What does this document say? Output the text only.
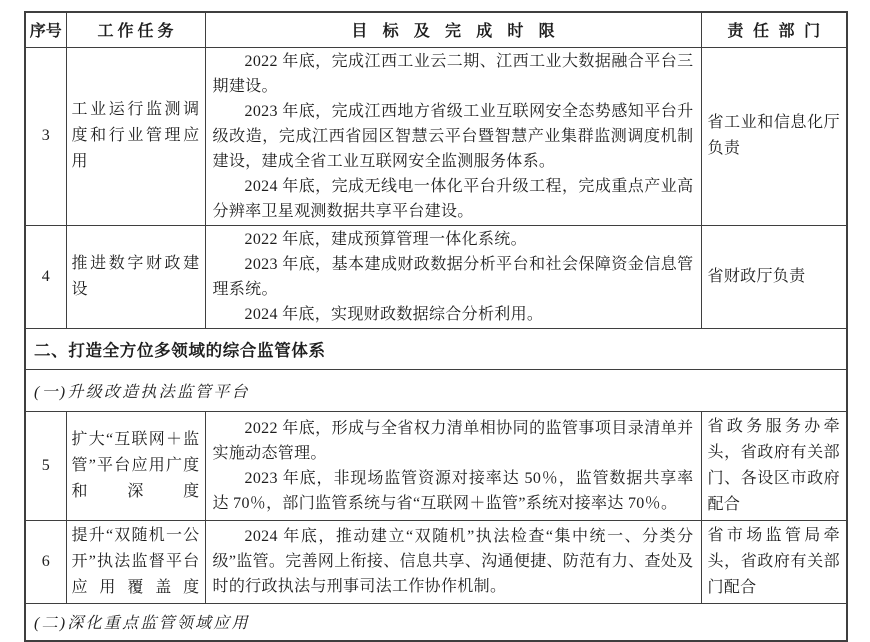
序号	工作任务	目标及完成时限	责任部门
3	工业运行监测调度和行业管理应用	2022 年底，完成江西工业云二期、江西工业大数据融合平台三期建设。

2023 年底，完成江西地方省级工业互联网安全态势感知平台升级改造，完成江西省园区智慧云平台暨智慧产业集群监测调度机制建设，建成全省工业互联网安全监测服务体系。

2024 年底，完成无线电一体化平台升级工程，完成重点产业高分辨率卫星观测数据共享平台建设。	省工业和信息化厅负责
4	推进数字财政建设	2022 年底，建成预算管理一体化系统。

2023 年底，基本建成财政数据分析平台和社会保障资金信息管理系统。

2024 年底，实现财政数据综合分析利用。	省财政厅负责
二、打造全方位多领域的综合监管体系			
(一)升级改造执法监管平台			
5	扩大“互联网＋监管”平台应用广度和深度	2022 年底，形成与全省权力清单相协同的监管事项目录清单并实施动态管理。

2023 年底，非现场监管资源对接率达 50％，监管数据共享率达 70％，部门监管系统与省“互联网＋监管”系统对接率达 70％。	省政务服务办牵头，省政府有关部门、各设区市政府配合
6	提升“双随机一公开”执法监督平台应用覆盖度	2024 年底，推动建立“双随机”执法检查“集中统一、分类分级”监管。完善网上衔接、信息共享、沟通便捷、防范有力、查处及时的行政执法与刑事司法工作协作机制。	省市场监管局牵头，省政府有关部门配合
(二)深化重点监管领域应用			
